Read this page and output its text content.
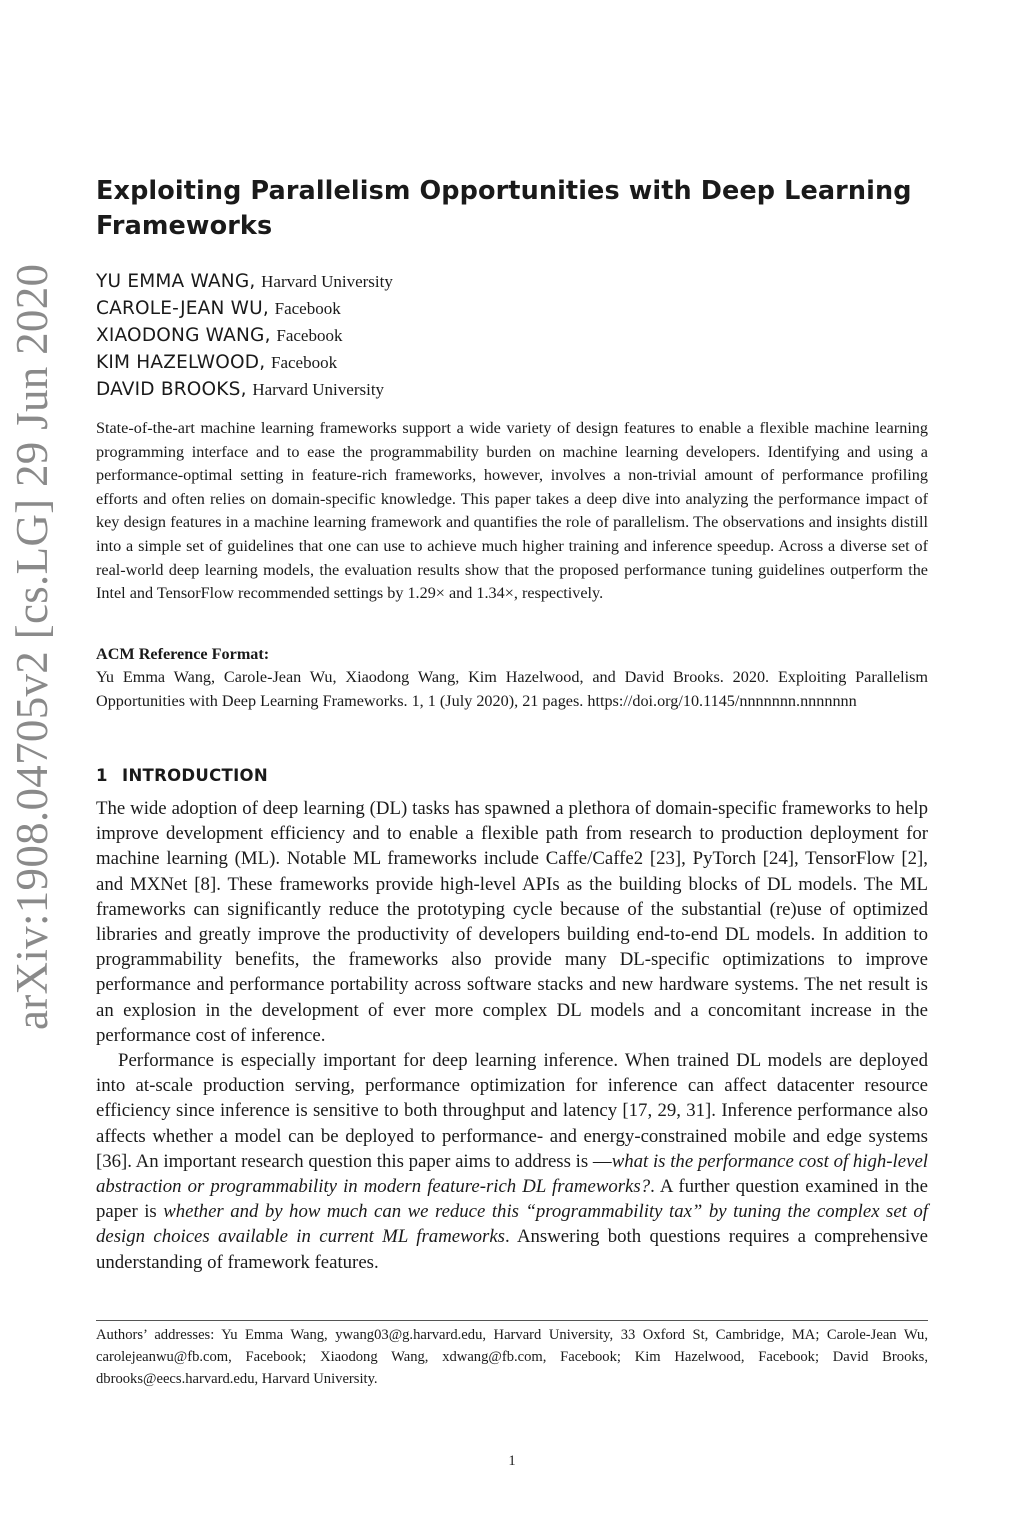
arXiv:1908.04705v2 [cs.LG] 29 Jun 2020
Exploiting Parallelism Opportunities with Deep Learning Frameworks
YU EMMA WANG, Harvard University
CAROLE-JEAN WU, Facebook
XIAODONG WANG, Facebook
KIM HAZELWOOD, Facebook
DAVID BROOKS, Harvard University

State-of-the-art machine learning frameworks support a wide variety of design features to enable a flexible machine learning programming interface and to ease the programmability burden on machine learning developers. Identifying and using a performance-optimal setting in feature-rich frameworks, however, involves a non-trivial amount of performance profiling efforts and often relies on domain-specific knowledge. This paper takes a deep dive into analyzing the performance impact of key design features in a machine learning framework and quantifies the role of parallelism. The observations and insights distill into a simple set of guidelines that one can use to achieve much higher training and inference speedup. Across a diverse set of real-world deep learning models, the evaluation results show that the proposed performance tuning guidelines outperform the Intel and TensorFlow recommended settings by 1.29× and 1.34×, respectively.

ACM Reference Format:

Yu Emma Wang, Carole-Jean Wu, Xiaodong Wang, Kim Hazelwood, and David Brooks. 2020. Exploiting Parallelism Opportunities with Deep Learning Frameworks. 1, 1 (July 2020), 21 pages. https://doi.org/10.1145/nnnnnnn.nnnnnnn

1 INTRODUCTION

The wide adoption of deep learning (DL) tasks has spawned a plethora of domain-specific frameworks to help improve development efficiency and to enable a flexible path from research to production deployment for machine learning (ML). Notable ML frameworks include Caffe/Caffe2 [23], PyTorch [24], TensorFlow [2], and MXNet [8]. These frameworks provide high-level APIs as the building blocks of DL models. The ML frameworks can significantly reduce the prototyping cycle because of the substantial (re)use of optimized libraries and greatly improve the productivity of developers building end-to-end DL models. In addition to programmability benefits, the frameworks also provide many DL-specific optimizations to improve performance and performance portability across software stacks and new hardware systems. The net result is an explosion in the development of ever more complex DL models and a concomitant increase in the performance cost of inference.

Performance is especially important for deep learning inference. When trained DL models are deployed into at-scale production serving, performance optimization for inference can affect datacenter resource efficiency since inference is sensitive to both throughput and latency [17, 29, 31]. Inference performance also affects whether a model can be deployed to performance- and energy-constrained mobile and edge systems [36]. An important research question this paper aims to address is —what is the performance cost of high-level abstraction or programmability in modern feature-rich DL frameworks?. A further question examined in the paper is whether and by how much can we reduce this “programmability tax” by tuning the complex set of design choices available in current ML frameworks. Answering both questions requires a comprehensive understanding of framework features.

Authors’ addresses: Yu Emma Wang, ywang03@g.harvard.edu, Harvard University, 33 Oxford St, Cambridge, MA; Carole-Jean Wu, carolejeanwu@fb.com, Facebook; Xiaodong Wang, xdwang@fb.com, Facebook; Kim Hazelwood, Facebook; David Brooks, dbrooks@eecs.harvard.edu, Harvard University.

1
